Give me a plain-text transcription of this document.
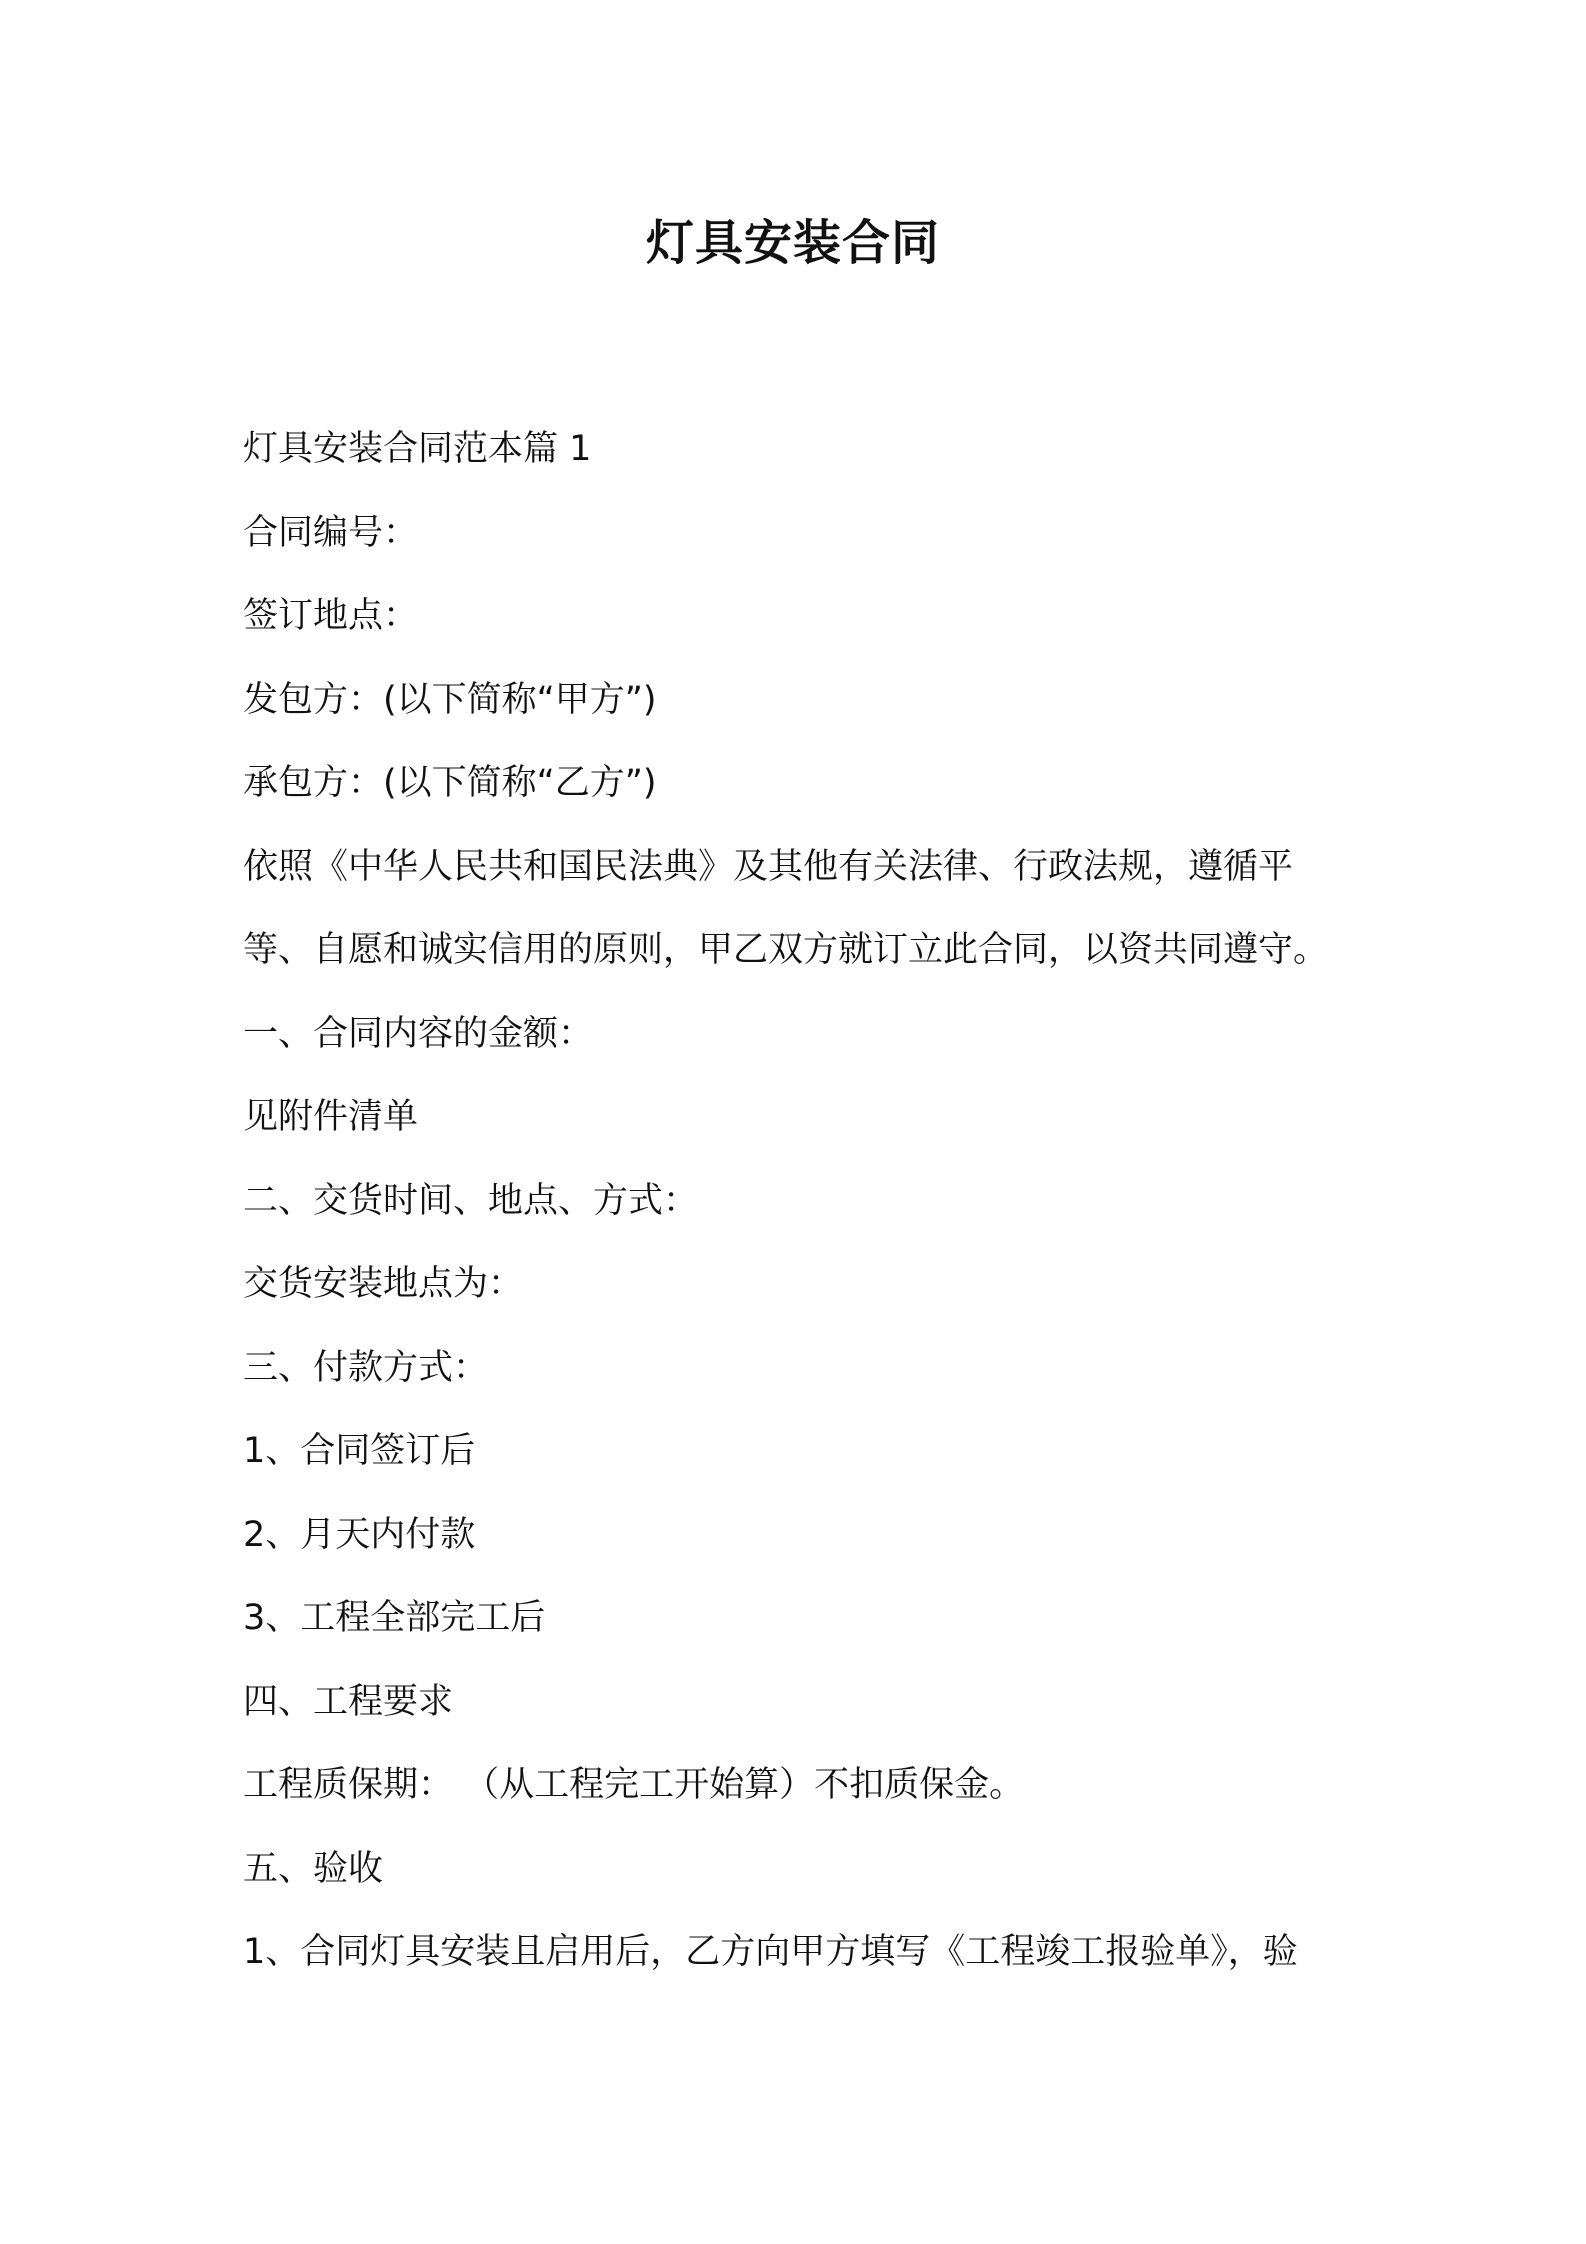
灯具安装合同
灯具安装合同范本篇 1
合同编号：
签订地点：
发包方：(以下简称“甲方”)
承包方：(以下简称“乙方”)
依照《中华人民共和国民法典》及其他有关法律、行政法规，遵循平
等、自愿和诚实信用的原则，甲乙双方就订立此合同，以资共同遵守。
一、合同内容的金额：
见附件清单
二、交货时间、地点、方式：
交货安装地点为：
三、付款方式：
1、合同签订后
2、月天内付款
3、工程全部完工后
四、工程要求
工程质保期： （从工程完工开始算）不扣质保金。
五、验收
1、合同灯具安装且启用后，乙方向甲方填写《工程竣工报验单》，验
